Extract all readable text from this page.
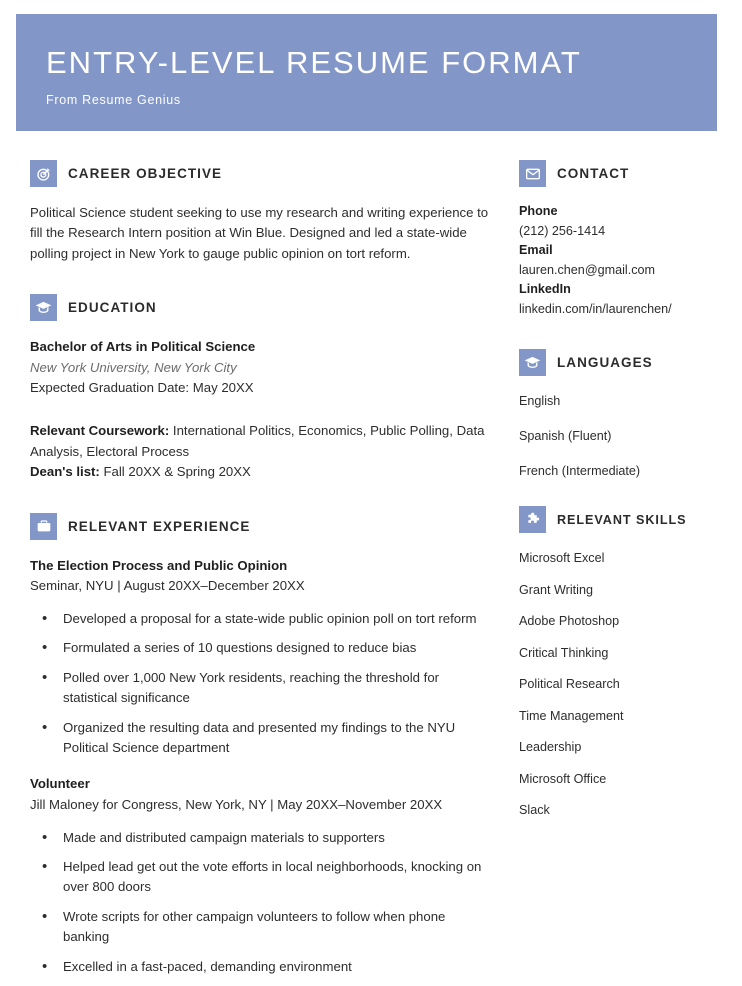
ENTRY-LEVEL RESUME FORMAT
From Resume Genius
CAREER OBJECTIVE
Political Science student seeking to use my research and writing experience to fill the Research Intern position at Win Blue. Designed and led a state-wide polling project in New York to gauge public opinion on tort reform.
EDUCATION
Bachelor of Arts in Political Science
New York University, New York City
Expected Graduation Date: May 20XX
Relevant Coursework: International Politics, Economics, Public Polling, Data Analysis, Electoral Process
Dean's list: Fall 20XX & Spring 20XX
RELEVANT EXPERIENCE
The Election Process and Public Opinion
Seminar, NYU | August 20XX–December 20XX
•	Developed a proposal for a state-wide public opinion poll on tort reform
•	Formulated a series of 10 questions designed to reduce bias
•	Polled over 1,000 New York residents, reaching the threshold for statistical significance
•	Organized the resulting data and presented my findings to the NYU Political Science department
Volunteer
Jill Maloney for Congress, New York, NY | May 20XX–November 20XX
•	Made and distributed campaign materials to supporters
•	Helped lead get out the vote efforts in local neighborhoods, knocking on over 800 doors
•	Wrote scripts for other campaign volunteers to follow when phone banking
•	Excelled in a fast-paced, demanding environment
CONTACT
Phone
(212) 256-1414
Email
lauren.chen@gmail.com
LinkedIn
linkedin.com/in/laurenchen/
LANGUAGES
English
Spanish (Fluent)
French (Intermediate)
RELEVANT SKILLS
Microsoft Excel
Grant Writing
Adobe Photoshop
Critical Thinking
Political Research
Time Management
Leadership
Microsoft Office
Slack
